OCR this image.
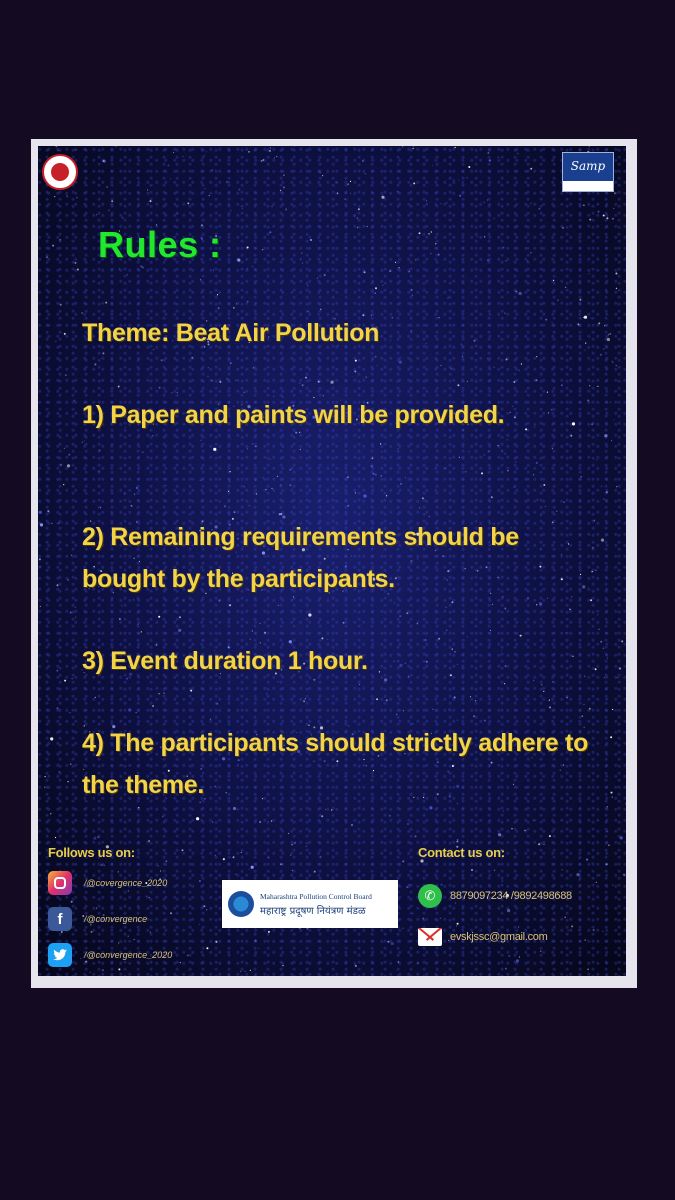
Samp
Rules :
Theme: Beat Air Pollution
1) Paper and paints will be provided.
2) Remaining requirements should be bought by the participants.
3) Event duration 1 hour.
4) The participants should strictly adhere to the theme.
Follows us on:
/@covergence_2020
f	/@convergence
/@convergence_2020
Maharashtra Pollution Control Board
महाराष्ट्र प्रदूषण नियंत्रण मंडळ
Contact us on:
✆	8879097234 /9892498688
evskjssc@gmail.com
